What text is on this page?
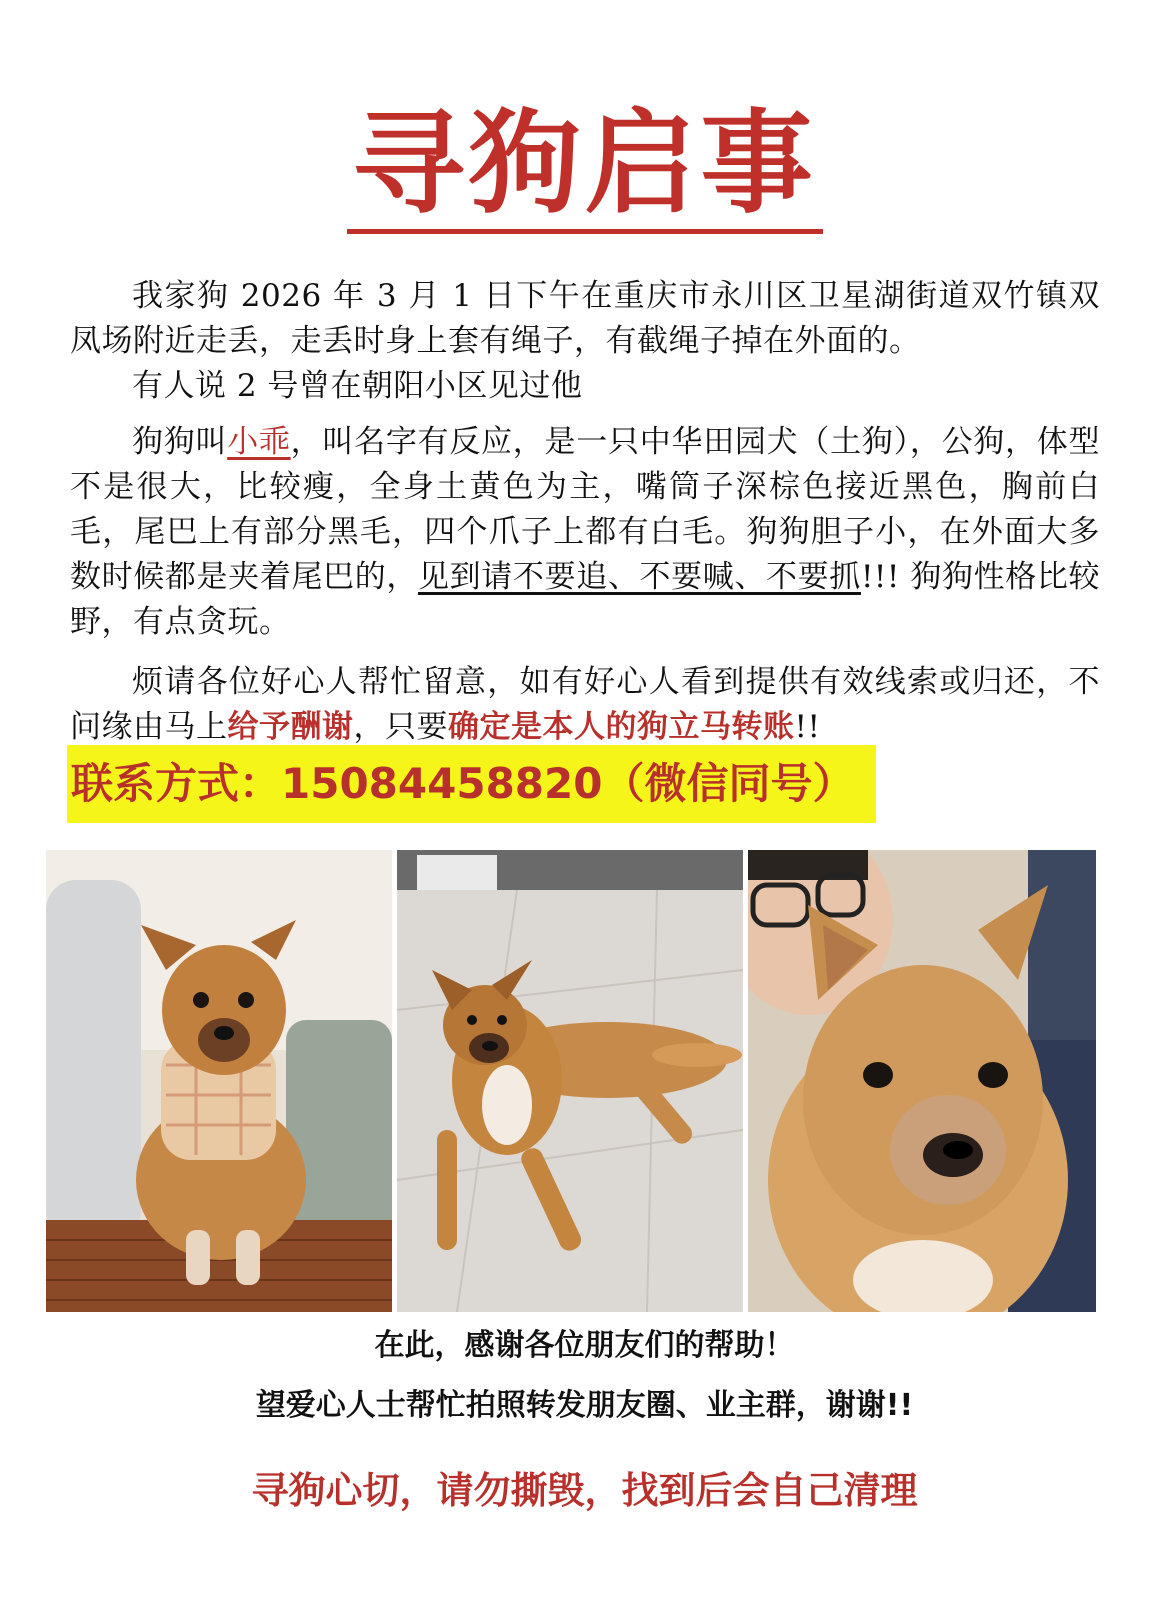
寻狗启事

我家狗 2026 年 3 月 1 日下午在重庆市永川区卫星湖街道双竹镇双凤场附近走丢，走丢时身上套有绳子，有截绳子掉在外面的。

有人说 2 号曾在朝阳小区见过他

狗狗叫小乖，叫名字有反应，是一只中华田园犬（土狗），公狗，体型不是很大，比较瘦，全身土黄色为主，嘴筒子深棕色接近黑色，胸前白毛，尾巴上有部分黑毛，四个爪子上都有白毛。狗狗胆子小，在外面大多数时候都是夹着尾巴的，见到请不要追、不要喊、不要抓!!! 狗狗性格比较野，有点贪玩。

烦请各位好心人帮忙留意，如有好心人看到提供有效线索或归还，不问缘由马上给予酬谢，只要确定是本人的狗立马转账!!

联系方式：15084458820（微信同号）
在此，感谢各位朋友们的帮助！
望爱心人士帮忙拍照转发朋友圈、业主群，谢谢!!
寻狗心切，请勿撕毁，找到后会自己清理
